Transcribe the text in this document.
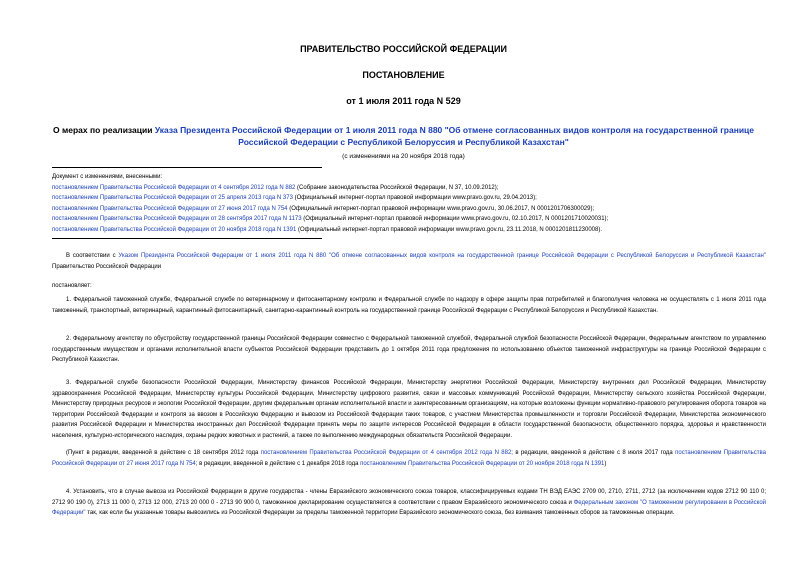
ПРАВИТЕЛЬСТВО РОССИЙСКОЙ ФЕДЕРАЦИИ
ПОСТАНОВЛЕНИЕ
от 1 июля 2011 года N 529
О мерах по реализации Указа Президента Российской Федерации от 1 июля 2011 года N 880 "Об отмене согласованных видов контроля на государственной границе Российской Федерации с Республикой Белоруссия и Республикой Казахстан"
(с изменениями на 20 ноября 2018 года)
Документ с изменениями, внесенными:
постановлением Правительства Российской Федерации от 4 сентября 2012 года N 882 (Собрание законодательства Российской Федерации, N 37, 10.09.2012);
постановлением Правительства Российской Федерации от 25 апреля 2013 года N 373 (Официальный интернет-портал правовой информации www.pravo.gov.ru, 29.04.2013);
постановлением Правительства Российской Федерации от 27 июня 2017 года N 754 (Официальный интернет-портал правовой информации www.pravo.gov.ru, 30.06.2017, N 0001201706300029);
постановлением Правительства Российской Федерации от 28 сентября 2017 года N 1173 (Официальный интернет-портал правовой информации www.pravo.gov.ru, 02.10.2017, N 0001201710020031);
постановлением Правительства Российской Федерации от 20 ноября 2018 года N 1391 (Официальный интернет-портал правовой информации www.pravo.gov.ru, 23.11.2018, N 0001201811230008).
В соответствии с Указом Президента Российской Федерации от 1 июля 2011 года N 880 "Об отмене согласованных видов контроля на государственной границе Российской Федерации с Республикой Белоруссия и Республикой Казахстан" Правительство Российской Федерации
постановляет:
1. Федеральной таможенной службе, Федеральной службе по ветеринарному и фитосанитарному контролю и Федеральной службе по надзору в сфере защиты прав потребителей и благополучия человека не осуществлять с 1 июля 2011 года таможенный, транспортный, ветеринарный, карантинный фитосанитарный, санитарно-карантинный контроль на государственной границе Российской Федерации с Республикой Белоруссия и Республикой Казахстан.
2. Федеральному агентству по обустройству государственной границы Российской Федерации совместно с Федеральной таможенной службой, Федеральной службой безопасности Российской Федерации, Федеральным агентством по управлению государственным имуществом и органами исполнительной власти субъектов Российской Федерации представить до 1 октября 2011 года предложения по использованию объектов таможенной инфраструктуры на границе Российской Федерации с Республикой Казахстан.
3. Федеральной службе безопасности Российской Федерации, Министерству финансов Российской Федерации, Министерству энергетики Российской Федерации, Министерству внутренних дел Российской Федерации, Министерству здравоохранения Российской Федерации, Министерству культуры Российской Федерации, Министерству цифрового развития, связи и массовых коммуникаций Российской Федерации, Министерству сельского хозяйства Российской Федерации, Министерству природных ресурсов и экологии Российской Федерации, другим федеральным органам исполнительной власти и заинтересованным организациям, на которые возложены функции нормативно-правового регулирования оборота товаров на территории Российской Федерации и контроля за ввозом в Российскую Федерацию и вывозом из Российской Федерации таких товаров, с участием Министерства промышленности и торговли Российской Федерации, Министерства экономического развития Российской Федерации и Министерства иностранных дел Российской Федерации принять меры по защите интересов Российской Федерации в области государственной безопасности, общественного порядка, здоровья и нравственности населения, культурно-исторического наследия, охраны редких животных и растений, а также по выполнению международных обязательств Российской Федерации.
(Пункт в редакции, введенной в действие с 18 сентября 2012 года постановлением Правительства Российской Федерации от 4 сентября 2012 года N 882; в редакции, введенной в действие с 8 июля 2017 года постановлением Правительства Российской Федерации от 27 июня 2017 года N 754; в редакции, введенной в действие с 1 декабря 2018 года постановлением Правительства Российской Федерации от 20 ноября 2018 года N 1391)
4. Установить, что в случае вывоза из Российской Федерации в другие государства - члены Евразийского экономического союза товаров, классифицируемых кодами ТН ВЭД ЕАЭС 2709 00, 2710, 2711, 2712 (за исключением кодов 2712 90 110 0; 2712 90 190 0), 2713 11 000 0, 2713 12 000, 2713 20 000 0 - 2713 90 900 0, таможенное декларирование осуществляется в соответствии с правом Евразийского экономического союза и Федеральным законом "О таможенном регулировании в Российской Федерации" так, как если бы указанные товары вывозились из Российской Федерации за пределы таможенной территории Евразийского экономического союза, без взимания таможенных сборов за таможенные операции.
